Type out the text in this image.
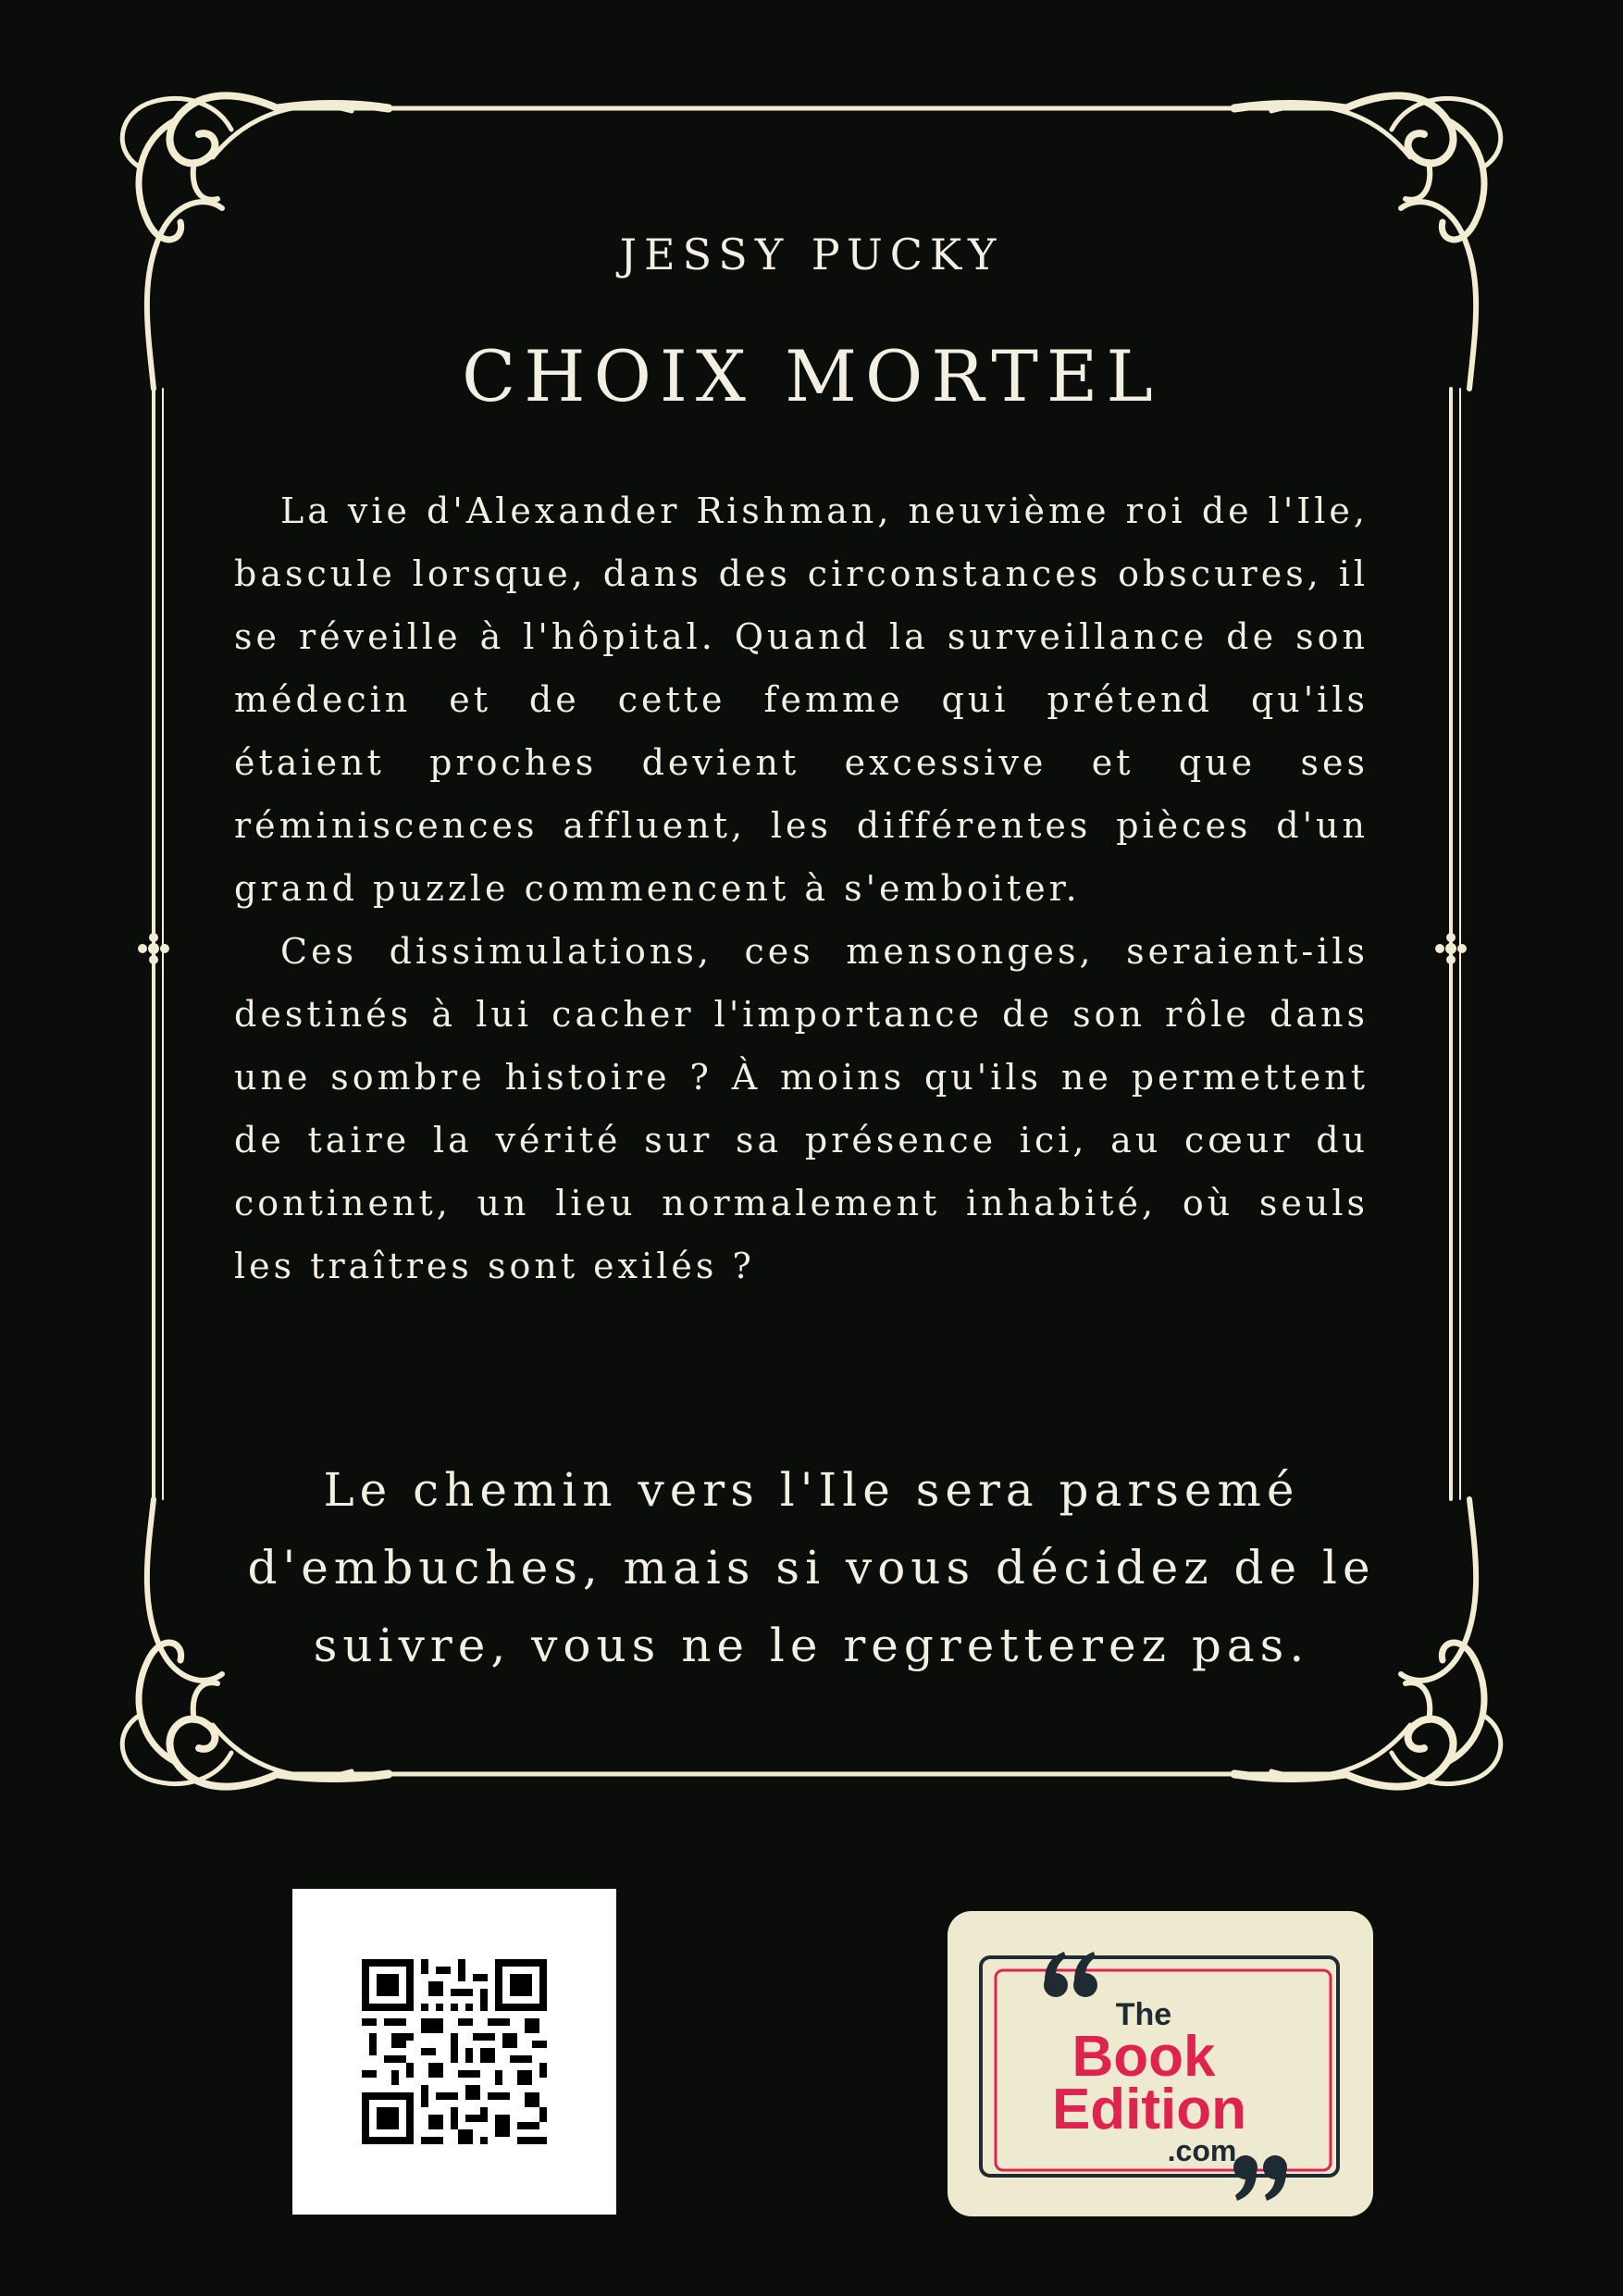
JESSY PUCKY
CHOIX MORTEL

La vie d'Alexander Rishman, neuvième roi de l'Ile, bascule lorsque, dans des circonstances obscures, il se réveille à l'hôpital. Quand la surveillance de son médecin et de cette femme qui prétend qu'ils étaient proches devient excessive et que ses réminiscences affluent, les différentes pièces d'un grand puzzle commencent à s'emboiter.

Ces dissimulations, ces mensonges, seraient-ils destinés à lui cacher l'importance de son rôle dans une sombre histoire ? À moins qu'ils ne permettent de taire la vérité sur sa présence ici, au cœur du continent, un lieu normalement inhabité, où seuls les traîtres sont exilés ?

Le chemin vers l'Ile sera parsemé
d'embuches, mais si vous décidez de le
suivre, vous ne le regretterez pas.
The
Book
Edition
.com
